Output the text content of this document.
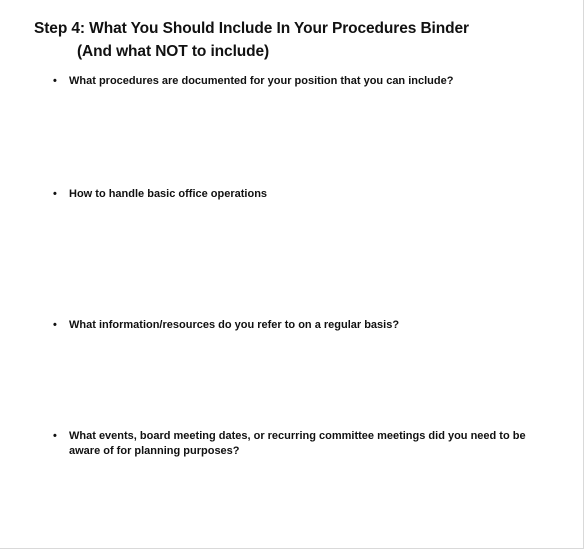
Step 4: What You Should Include In Your Procedures Binder
(And what NOT to include)
•	What procedures are documented for your position that you can include?
•	How to handle basic office operations
•	What information/resources do you refer to on a regular basis?
•	What events, board meeting dates, or recurring committee meetings did you need to be aware of for planning purposes?
